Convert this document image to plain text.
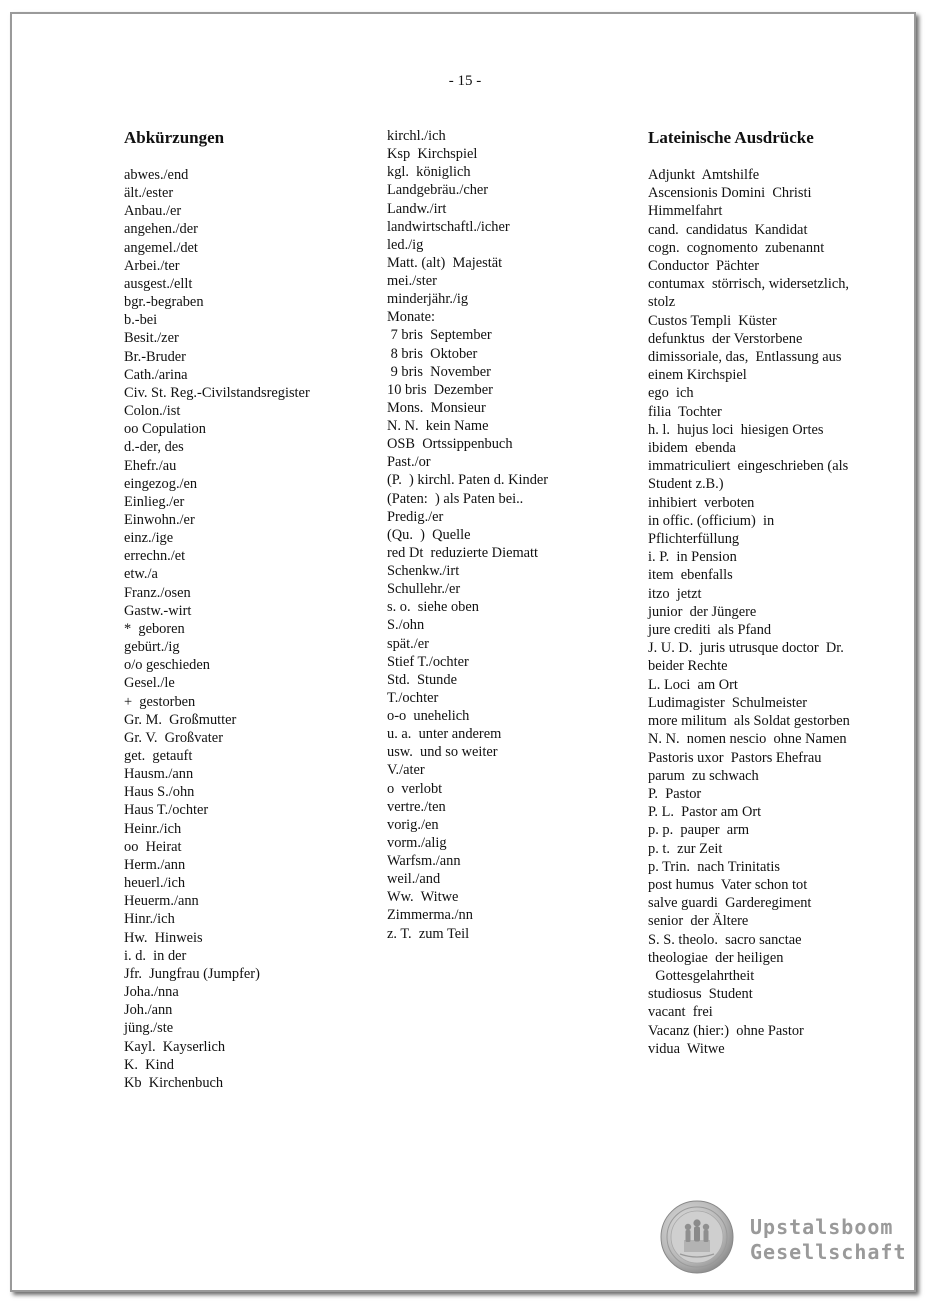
- 15 -
Abkürzungen
abwes./end
ält./ester
Anbau./er
angehen./der
angemel./det
Arbei./ter
ausgest./ellt
bgr.-begraben
b.-bei
Besit./zer
Br.-Bruder
Cath./arina
Civ. St. Reg.-Civilstandsregister
Colon./ist
oo Copulation
d.-der, des
Ehefr./au
eingezog./en
Einlieg./er
Einwohn./er
einz./ige
errechn./et
etw./a
Franz./osen
Gastw.-wirt
*  geboren
gebürt./ig
o/o geschieden
Gesel./le
+  gestorben
Gr. M.  Großmutter
Gr. V.  Großvater
get.  getauft
Hausm./ann
Haus S./ohn
Haus T./ochter
Heinr./ich
oo  Heirat
Herm./ann
heuerl./ich
Heuerm./ann
Hinr./ich
Hw.  Hinweis
i. d.  in der
Jfr.  Jungfrau (Jumpfer)
Joha./nna
Joh./ann
jüng./ste
Kayl.  Kayserlich
K.  Kind
Kb  Kirchenbuch
kirchl./ich
Ksp  Kirchspiel
kgl.  königlich
Landgebräu./cher
Landw./irt
landwirtschaftl./icher
led./ig
Matt. (alt)  Majestät
mei./ster
minderjähr./ig
Monate:
7 bris  September
8 bris  Oktober
9 bris  November
10 bris  Dezember
Mons.  Monsieur
N. N.  kein Name
OSB  Ortssippenbuch
Past./or
(P.  ) kirchl. Paten d. Kinder
(Paten:  ) als Paten bei..
Predig./er
(Qu.  )  Quelle
red Dt  reduzierte Diematt
Schenkw./irt
Schullehr./er
s. o.  siehe oben
S./ohn
spät./er
Stief T./ochter
Std.  Stunde
T./ochter
o-o  unehelich
u. a.  unter anderem
usw.  und so weiter
V./ater
o  verlobt
vertre./ten
vorig./en
vorm./alig
Warfsm./ann
weil./and
Ww.  Witwe
Zimmerma./nn
z. T.  zum Teil
Lateinische Ausdrücke
Adjunkt  Amtshilfe
Ascensionis Domini  Christi
Himmelfahrt
cand.  candidatus  Kandidat
cogn.  cognomento  zubenannt
Conductor  Pächter
contumax  störrisch, widersetzlich,
stolz
Custos Templi  Küster
defunktus  der Verstorbene
dimissoriale, das,  Entlassung aus
einem Kirchspiel
ego  ich
filia  Tochter
h. l.  hujus loci  hiesigen Ortes
ibidem  ebenda
immatriculiert  eingeschrieben (als
Student z.B.)
inhibiert  verboten
in offic. (officium)  in
Pflichterfüllung
i. P.  in Pension
item  ebenfalls
itzo  jetzt
junior  der Jüngere
jure crediti  als Pfand
J. U. D.  juris utrusque doctor  Dr.
beider Rechte
L. Loci  am Ort
Ludimagister  Schulmeister
more militum  als Soldat gestorben
N. N.  nomen nescio  ohne Namen
Pastoris uxor  Pastors Ehefrau
parum  zu schwach
P.  Pastor
P. L.  Pastor am Ort
p. p.  pauper  arm
p. t.  zur Zeit
p. Trin.  nach Trinitatis
post humus  Vater schon tot
salve guardi  Garderegiment
senior  der Ältere
S. S. theolo.  sacro sanctae
theologiae  der heiligen
Gottesgelahrtheit
studiosus  Student
vacant  frei
Vacanz (hier:)  ohne Pastor
vidua  Witwe
Upstalsboom
Gesellschaft
